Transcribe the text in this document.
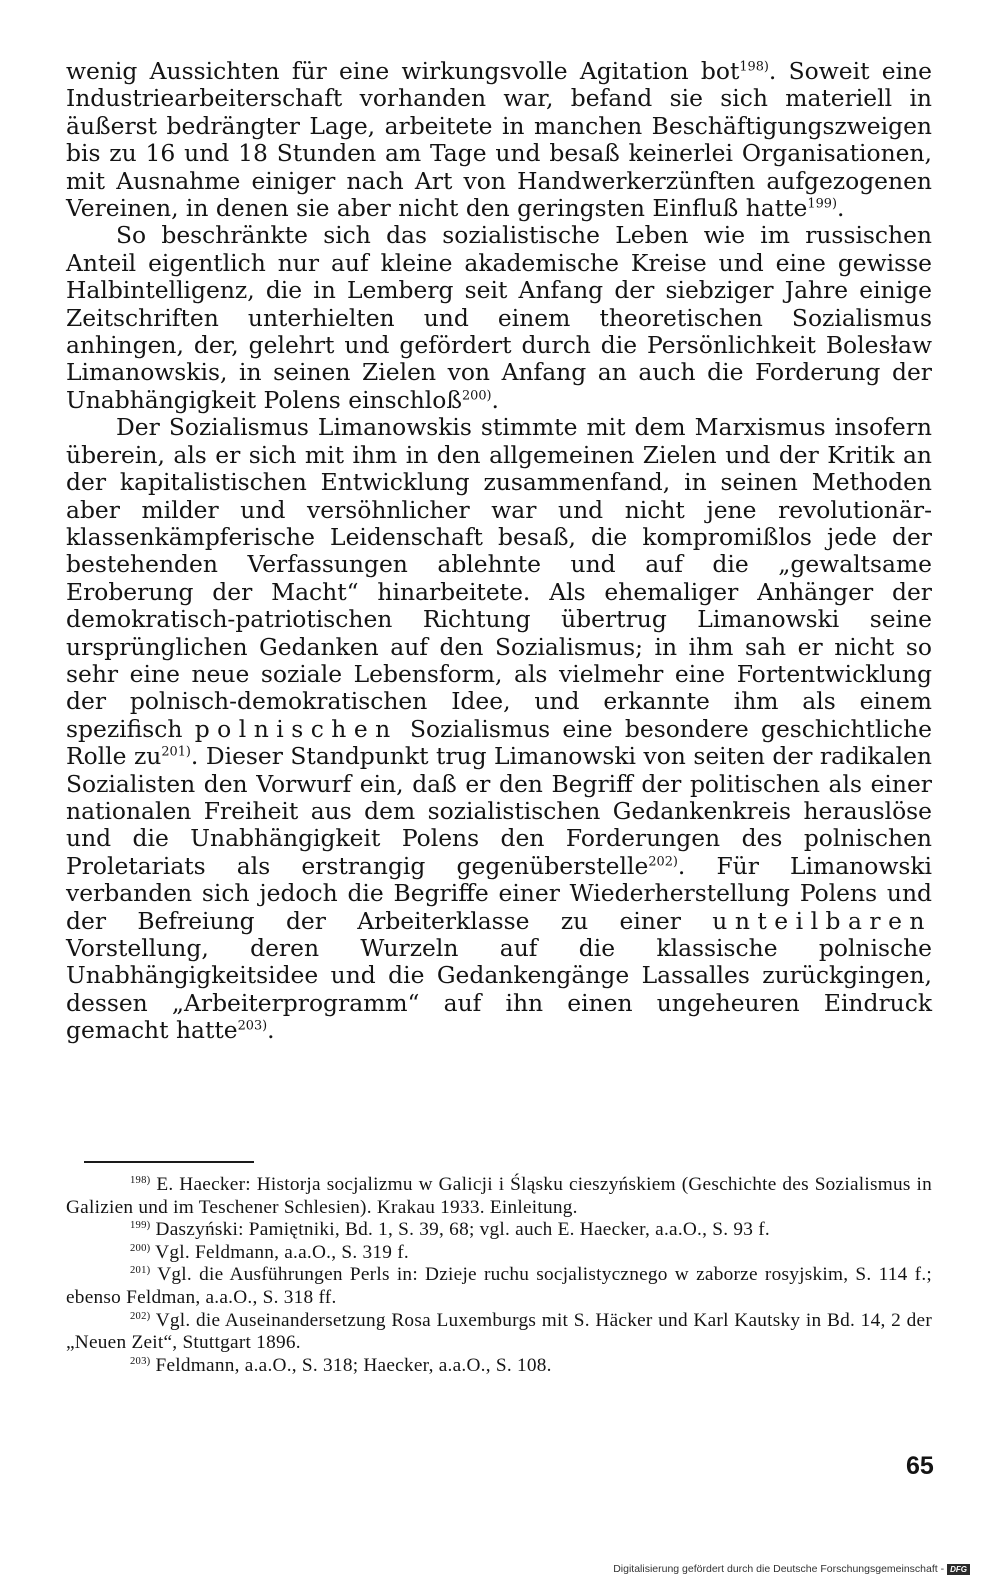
wenig Aussichten für eine wirkungsvolle Agitation bot$^{198)}$. Soweit eine Industriearbeiterschaft vorhanden war, befand sie sich materiell in äußerst bedrängter Lage, arbeitete in manchen Beschäftigungszweigen bis zu 16 und 18 Stunden am Tage und besaß keinerlei Organisationen, mit Ausnahme einiger nach Art von Handwerkerzünften aufgezogenen Vereinen, in denen sie aber nicht den geringsten Einfluß hatte$^{199)}$.

So beschränkte sich das sozialistische Leben wie im russischen Anteil eigentlich nur auf kleine akademische Kreise und eine gewisse Halbintelligenz, die in Lemberg seit Anfang der siebziger Jahre einige Zeitschriften unterhielten und einem theoretischen Sozialismus anhingen, der, gelehrt und gefördert durch die Persönlichkeit Bolesław Limanowskis, in seinen Zielen von Anfang an auch die Forderung der Unabhängigkeit Polens einschloß$^{200)}$.

Der Sozialismus Limanowskis stimmte mit dem Marxismus insofern überein, als er sich mit ihm in den allgemeinen Zielen und der Kritik an der kapitalistischen Entwicklung zusammenfand, in seinen Methoden aber milder und versöhnlicher war und nicht jene revolutionär-klassenkämpferische Leidenschaft besaß, die kompromißlos jede der bestehenden Verfassungen ablehnte und auf die „gewaltsame Eroberung der Macht“ hinarbeitete. Als ehemaliger Anhänger der demokratisch-patriotischen Richtung übertrug Limanowski seine ursprünglichen Gedanken auf den Sozialismus; in ihm sah er nicht so sehr eine neue soziale Lebensform, als vielmehr eine Fortentwicklung der polnisch-demokratischen Idee, und erkannte ihm als einem spezifisch polnischen Sozialismus eine besondere geschichtliche Rolle $zu^{201)}$. Dieser Standpunkt trug Limanowski von seiten der radikalen Sozialisten den Vorwurf ein, daß er den Begriff der politischen als einer nationalen Freiheit aus dem sozialistischen Gedankenkreis herauslöse und die Unabhängigkeit Polens den Forderungen des polnischen Proletariats als erstrangig gegenüberstelle$^{202)}$. Für Limanowski verbanden sich jedoch die Begriffe einer Wiederherstellung Polens und der Befreiung der Arbeiterklasse zu einer unteilbaren Vorstellung, deren Wurzeln auf die klassische polnische Unabhängigkeitsidee und die Gedankengänge Lassalles zurückgingen, dessen „Arbeiterprogramm“ auf ihn einen ungeheuren Eindruck gemacht hatte$^{203)}$.

$^{198)}$ E. Haecker: Historja socjalizmu w Galicji i Śląsku cieszyńskiem (Geschichte des Sozialismus in Galizien und im Teschener Schlesien). Krakau 1933. Einleitung.

$^{199)}$ Daszyński: Pamiętniki, Bd. 1, S. 39, 68; vgl. auch E. Haecker, a.a.O., S. 93 f.

$^{200)}$ Vgl. Feldmann, a.a.O., S. 319 f.

$^{201)}$ Vgl. die Ausführungen Perls in: Dzieje ruchu socjalistycznego w zaborze rosyjskim, S. 114 f.; ebenso Feldman, a.a.O., S. 318 ff.

$^{202)}$ Vgl. die Auseinandersetzung Rosa Luxemburgs mit S. Häcker und Karl Kautsky in Bd. 14, 2 der „Neuen Zeit“, Stuttgart 1896.

$^{203)}$ Feldmann, a.a.O., S. 318; Haecker, a.a.O., S. 108.

65
Digitalisierung gefördert durch die Deutsche Forschungsgemeinschaft - DFG
